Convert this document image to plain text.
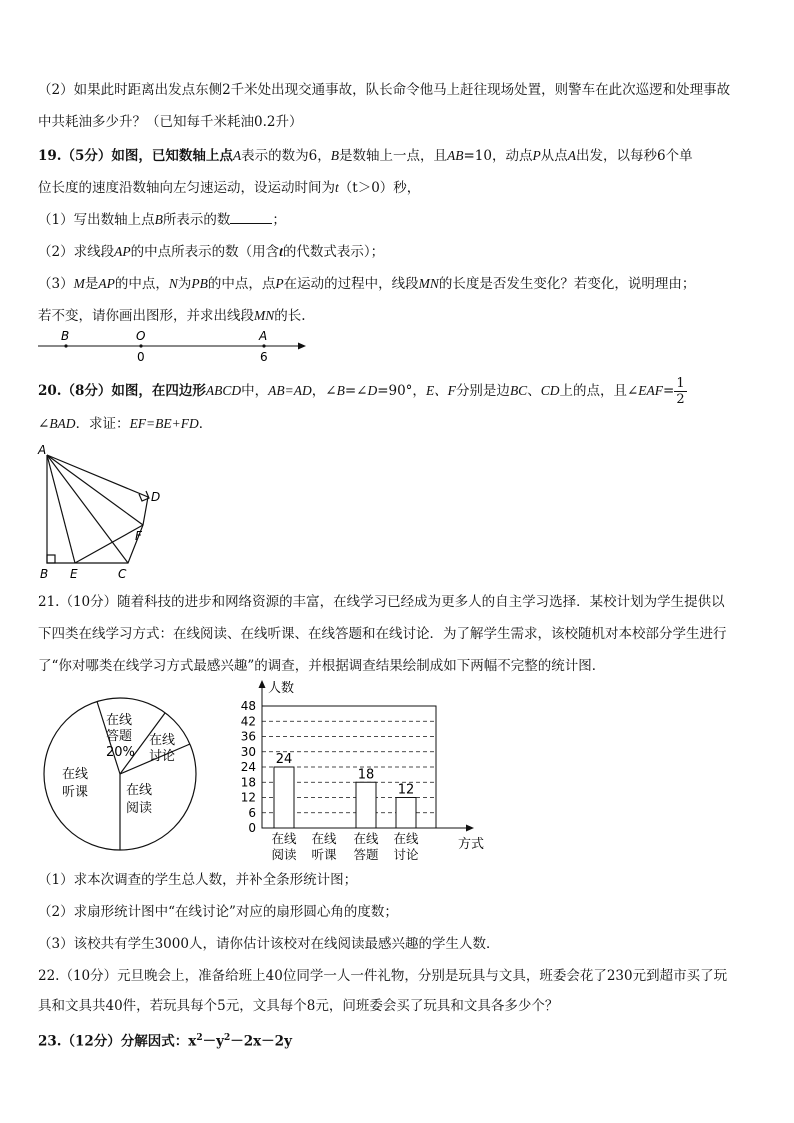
（2）如果此时距离出发点东侧2千米处出现交通事故，队长命令他马上赶往现场处置，则警车在此次巡逻和处理事故
中共耗油多少升？（已知每千米耗油0.2升）
19.（5分）如图，已知数轴上点A表示的数为6，B是数轴上一点，且AB=10，动点P从点A出发，以每秒6个单
位长度的速度沿数轴向左匀速运动，设运动时间为t（t＞0）秒，
（1）写出数轴上点B所表示的数	；
（2）求线段AP的中点所表示的数（用含t的代数式表示）；
（3）M是AP的中点，N为PB的中点，点P在运动的过程中，线段MN的长度是否发生变化？若变化，说明理由；
若不变，请你画出图形，并求出线段MN的长.
B	O	A
0	6
20.（8分）如图，在四边形ABCD中，AB=AD，∠B=∠D=90°，E、F分别是边BC、CD上的点，且∠EAF= $\frac{1}{2}$
∠BAD．求证：EF=BE+FD．
A
B E	C
F
D
21.（10分）随着科技的进步和网络资源的丰富，在线学习已经成为更多人的自主学习选择．某校计划为学生提供以
下四类在线学习方式：在线阅读、在线听课、在线答题和在线讨论．为了解学生需求，该校随机对本校部分学生进行
了“你对哪类在线学习方式最感兴趣”的调查，并根据调查结果绘制成如下两幅不完整的统计图．
在线
答题
20%
在线
讨论
在线
听课	在线
阅读
0
6
12
18
24
30
36
42
48
人数
方式
24
在线
阅读
在线
听课
18
在线
答题
12
在线
讨论
（1）求本次调查的学生总人数，并补全条形统计图；
（2）求扇形统计图中“在线讨论”对应的扇形圆心角的度数；
（3）该校共有学生3000人，请你估计该校对在线阅读最感兴趣的学生人数．
22.（10分）元旦晚会上，准备给班上40位同学一人一件礼物，分别是玩具与文具，班委会花了230元到超市买了玩
具和文具共40件，若玩具每个5元，文具每个8元，问班委会买了玩具和文具各多少个？
23.（12分）分解因式：$x^2-y^2-2x-2y$
